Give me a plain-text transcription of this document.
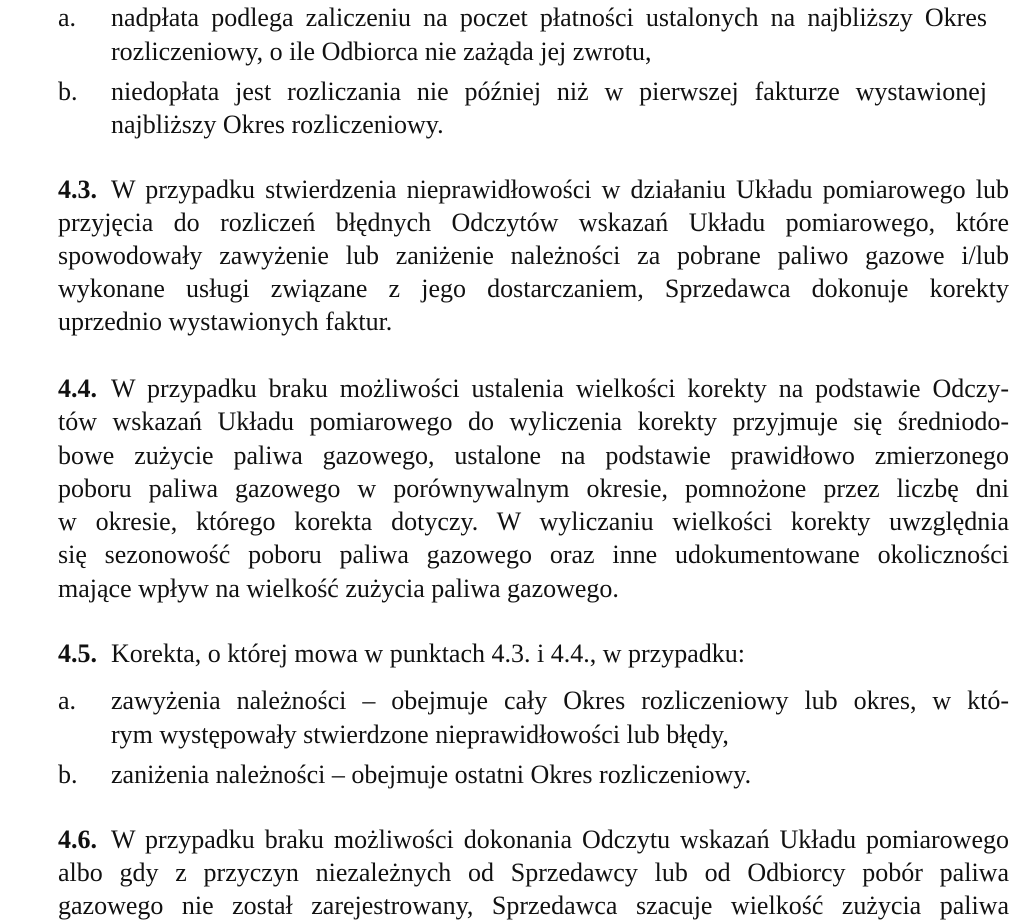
a. nadpłata podlega zaliczeniu na poczet płatności ustalonych na najbliższy Okres
rozliczeniowy, o ile Odbiorca nie zażąda jej zwrotu,
b. niedopłata jest rozliczania nie później niż w pierwszej fakturze wystawionej
najbliższy Okres rozliczeniowy.
4.3. W przypadku stwierdzenia nieprawidłowości w działaniu Układu pomiarowego lub
przyjęcia do rozliczeń błędnych Odczytów wskazań Układu pomiarowego, które
spowodowały zawyżenie lub zaniżenie należności za pobrane paliwo gazowe i/lub
wykonane usługi związane z jego dostarczaniem, Sprzedawca dokonuje korekty
uprzednio wystawionych faktur.
4.4. W przypadku braku możliwości ustalenia wielkości korekty na podstawie Odczy-
tów wskazań Układu pomiarowego do wyliczenia korekty przyjmuje się średniodo-
bowe zużycie paliwa gazowego, ustalone na podstawie prawidłowo zmierzonego
poboru paliwa gazowego w porównywalnym okresie, pomnożone przez liczbę dni
w okresie, którego korekta dotyczy. W wyliczaniu wielkości korekty uwzględnia
się sezonowość poboru paliwa gazowego oraz inne udokumentowane okoliczności
mające wpływ na wielkość zużycia paliwa gazowego.
4.5. Korekta, o której mowa w punktach 4.3. i 4.4., w przypadku:
a. zawyżenia należności – obejmuje cały Okres rozliczeniowy lub okres, w któ-
rym występowały stwierdzone nieprawidłowości lub błędy,
b. zaniżenia należności – obejmuje ostatni Okres rozliczeniowy.
4.6. W przypadku braku możliwości dokonania Odczytu wskazań Układu pomiarowego
albo gdy z przyczyn niezależnych od Sprzedawcy lub od Odbiorcy pobór paliwa
gazowego nie został zarejestrowany, Sprzedawca szacuje wielkość zużycia paliwa
